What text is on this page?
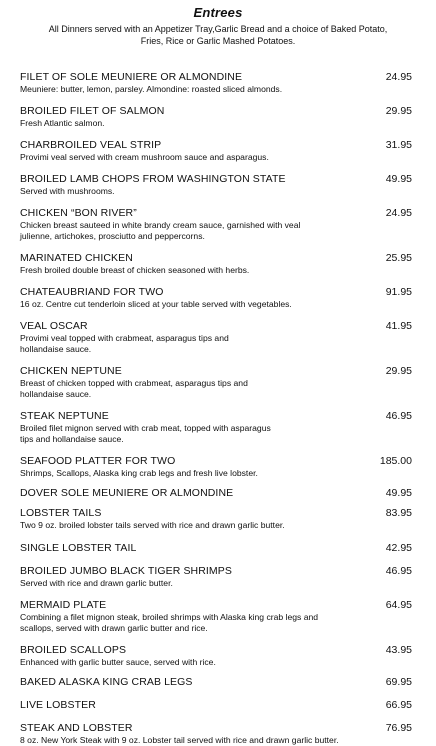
Entrees
All Dinners served with an Appetizer Tray,Garlic Bread and a choice of Baked Potato, Fries, Rice or Garlic Mashed Potatoes.
FILET OF SOLE MEUNIERE OR ALMONDINE	24.95
Meuniere: butter, lemon, parsley. Almondine: roasted sliced almonds.
BROILED FILET OF SALMON	29.95
Fresh Atlantic salmon.
CHARBROILED VEAL STRIP	31.95
Provimi veal served with cream mushroom sauce and asparagus.
BROILED LAMB CHOPS FROM WASHINGTON STATE	49.95
Served with mushrooms.
CHICKEN “BON RIVER”	24.95
Chicken breast sauteed in white brandy cream sauce, garnished with veal julienne, artichokes, prosciutto and peppercorns.
MARINATED CHICKEN	25.95
Fresh broiled double breast of chicken seasoned with herbs.
CHATEAUBRIAND FOR TWO	91.95
16 oz. Centre cut tenderloin sliced at your table served with vegetables.
VEAL OSCAR	41.95
Provimi veal topped with crabmeat, asparagus tips and hollandaise sauce.
CHICKEN NEPTUNE	29.95
Breast of chicken topped with crabmeat, asparagus tips and hollandaise sauce.
STEAK NEPTUNE	46.95
Broiled filet mignon served with crab meat, topped with asparagus tips and hollandaise sauce.
SEAFOOD PLATTER FOR TWO	185.00
Shrimps, Scallops, Alaska king crab legs and fresh live lobster.
DOVER SOLE MEUNIERE OR ALMONDINE	49.95
LOBSTER TAILS	83.95
Two 9 oz. broiled lobster tails served with rice and drawn garlic butter.
SINGLE LOBSTER TAIL	42.95
BROILED JUMBO BLACK TIGER SHRIMPS	46.95
Served with rice and drawn garlic butter.
MERMAID PLATE	64.95
Combining a filet mignon steak, broiled shrimps with Alaska king crab legs and scallops, served with drawn garlic butter and rice.
BROILED SCALLOPS	43.95
Enhanced with garlic butter sauce, served with rice.
BAKED ALASKA KING CRAB LEGS	69.95
LIVE LOBSTER	66.95
STEAK AND LOBSTER	76.95
8 oz. New York Steak with 9 oz. Lobster tail served with rice and drawn garlic butter.
